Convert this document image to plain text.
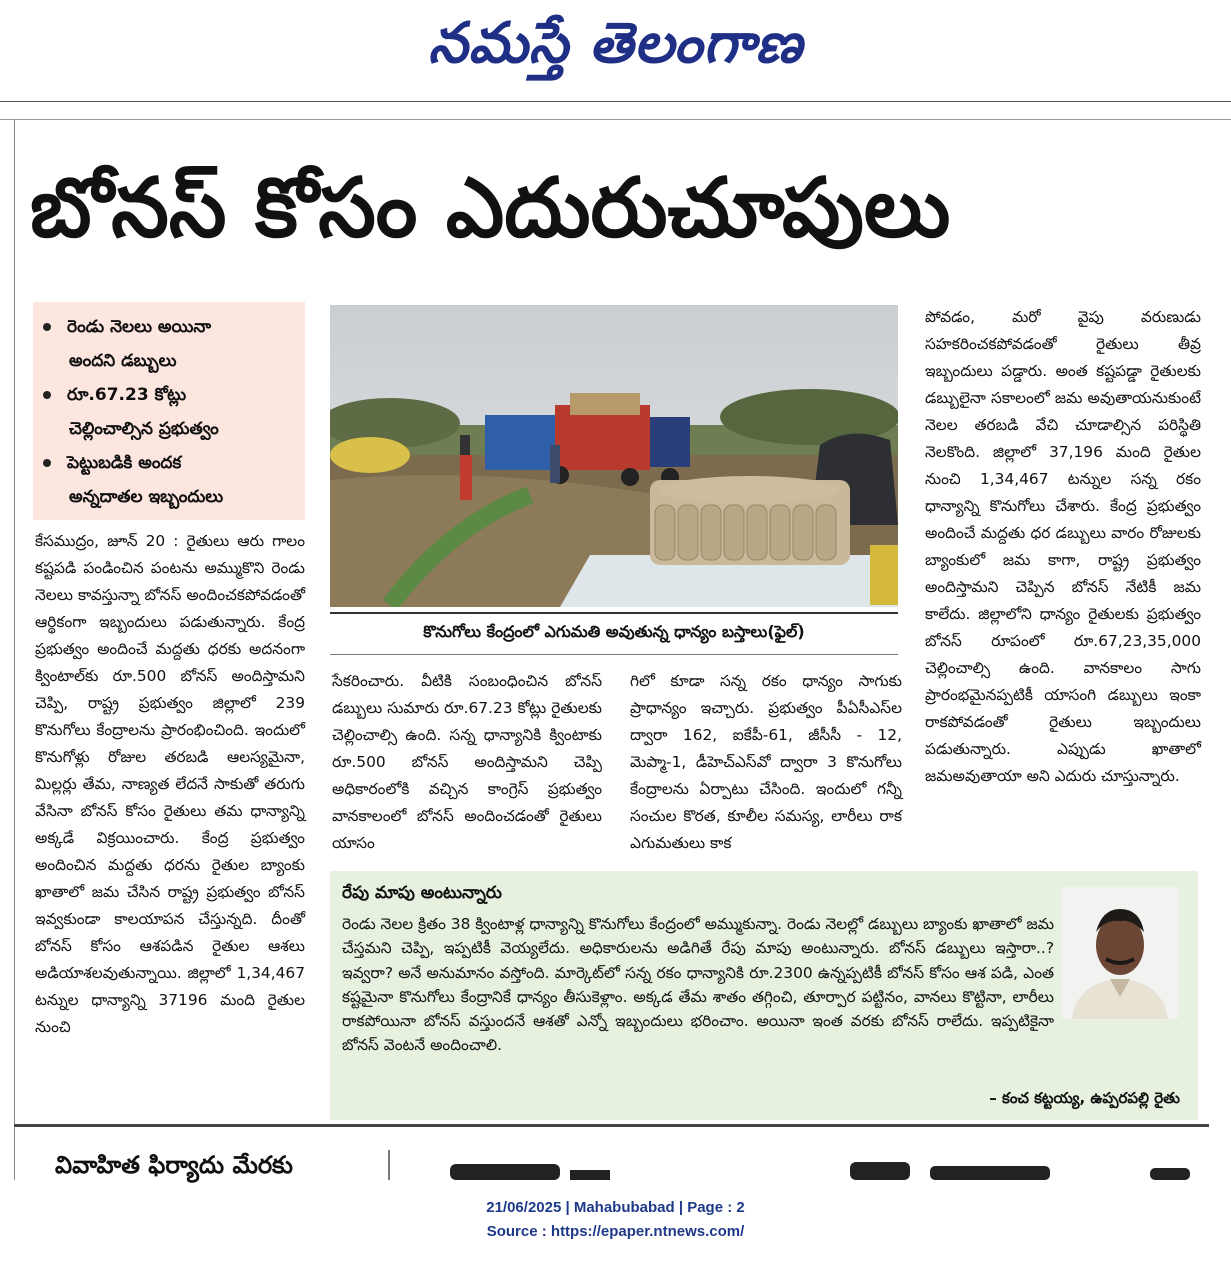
నమస్తే తెలంగాణ
బోనస్‌ కోసం ఎదురుచూపులు
రెండు నెలలు అయినా
అందని డబ్బులు
రూ.67.23 కోట్లు
చెల్లించాల్సిన ప్రభుత్వం
పెట్టుబడికి అందక
అన్నదాతల ఇబ్బందులు
కేసముద్రం, జూన్‌ 20 : రైతులు ఆరు గాలం కష్టపడి పండించిన పంటను అమ్ముకొని రెండు నెలలు కావస్తున్నా బోనస్‌ అందించకపోవడంతో ఆర్థికంగా ఇబ్బందులు పడుతున్నారు. కేంద్ర ప్రభుత్వం అందించే మద్దతు ధరకు అదనంగా క్వింటాల్‌కు రూ.500 బోనస్‌ అందిస్తామని చెప్పి, రాష్ట్ర ప్రభుత్వం జిల్లాలో 239 కొనుగోలు కేంద్రాలను ప్రారంభించింది. ఇందులో కొనుగోళ్లు రోజుల తరబడి ఆలస్యమైనా, మిల్లర్లు తేమ, నాణ్యత లేదనే సాకుతో తరుగు వేసినా బోనస్‌ కోసం రైతులు తమ ధాన్యాన్ని అక్కడే విక్రయించారు. కేంద్ర ప్రభుత్వం అందించిన మద్దతు ధరను రైతుల బ్యాంకు ఖాతాలో జమ చేసిన రాష్ట్ర ప్రభుత్వం బోనస్‌ ఇవ్వకుండా కాలయాపన చేస్తున్నది. దీంతో బోనస్‌ కోసం ఆశపడిన రైతుల ఆశలు అడియాశలవుతున్నాయి. జిల్లాలో 1,34,467 టన్నుల ధాన్యాన్ని 37196 మంది రైతుల నుంచి
సేకరించారు. వీటికి సంబంధించిన బోనస్‌ డబ్బులు సుమారు రూ.67.23 కోట్లు రైతులకు చెల్లించాల్సి ఉంది. సన్న ధాన్యానికి క్వింటాకు రూ.500 బోనస్‌ అందిస్తామని చెప్పి అధికారంలోకి వచ్చిన కాంగ్రెస్‌ ప్రభుత్వం వానకాలంలో బోనస్‌ అందించడంతో రైతులు యాసం
గిలో కూడా సన్న రకం ధాన్యం సాగుకు ప్రాధాన్యం ఇచ్చారు. ప్రభుత్వం పీఏసీఎస్‌ల ద్వారా 162, ఐకేపీ-61, జీసీసీ - 12, మెప్మా-1, డీహెచ్‌ఎస్‌వో ద్వారా 3 కొనుగోలు కేంద్రాలను ఏర్పాటు చేసింది. ఇందులో గన్నీ సంచుల కొరత, కూలీల సమస్య, లారీలు రాక ఎగుమతులు కాక
పోవడం, మరో వైపు వరుణుడు సహకరించకపోవడంతో రైతులు తీవ్ర ఇబ్బందులు పడ్డారు. అంత కష్టపడ్డా రైతులకు డబ్బులైనా సకాలంలో జమ అవుతాయనుకుంటే నెలల తరబడి వేచి చూడాల్సిన పరిస్థితి నెలకొంది. జిల్లాలో 37,196 మంది రైతుల నుంచి 1,34,467 టన్నుల సన్న రకం ధాన్యాన్ని కొనుగోలు చేశారు. కేంద్ర ప్రభుత్వం అందించే మద్దతు ధర డబ్బులు వారం రోజులకు బ్యాంకులో జమ కాగా, రాష్ట్ర ప్రభుత్వం అందిస్తామని చెప్పిన బోనస్‌ నేటికీ జమ కాలేదు. జిల్లాలోని ధాన్యం రైతులకు ప్రభుత్వం బోనస్‌ రూపంలో రూ.67,23,35,000 చెల్లించాల్సి ఉంది. వానకాలం సాగు ప్రారంభమైనప్పటికీ యాసంగి డబ్బులు ఇంకా రాకపోవడంతో రైతులు ఇబ్బందులు పడుతున్నారు. ఎప్పుడు ఖాతాలో జమఅవుతాయా అని ఎదురు చూస్తున్నారు.
కొనుగోలు కేంద్రంలో ఎగుమతి అవుతున్న ధాన్యం బస్తాలు(ఫైల్‌)
రేపు మాపు అంటున్నారు
రెండు నెలల క్రితం 38 క్వింటాళ్ల ధాన్యాన్ని కొనుగోలు కేంద్రంలో అమ్ముకున్నా. రెండు నెలల్లో డబ్బులు బ్యాంకు ఖాతాలో జమ చేస్తమని చెప్పి, ఇప్పటికీ వెయ్యలేదు. అధికారులను అడిగితే రేపు మాపు అంటున్నారు. బోనస్‌ డబ్బులు ఇస్తారా..? ఇవ్వరా? అనే అనుమానం వస్తోంది. మార్కెట్‌లో సన్న రకం ధాన్యానికి రూ.2300 ఉన్నప్పటికీ బోనస్‌ కోసం ఆశ పడి, ఎంత కష్టమైనా కొనుగోలు కేంద్రానికే ధాన్యం తీసుకెళ్లాం. అక్కడ తేమ శాతం తగ్గించి, తూర్పార పట్టినం, వానలు కొట్టినా, లారీలు రాకపోయినా బోనస్‌ వస్తుందనే ఆశతో ఎన్నో ఇబ్బందులు భరించాం. అయినా ఇంత వరకు బోనస్‌ రాలేదు. ఇప్పటికైనా బోనస్‌ వెంటనే అందించాలి.
– కంచ కట్టయ్య, ఉప్పరపల్లి రైతు
వివాహిత ఫిర్యాదు మేరకు
21/06/2025 | Mahabubabad | Page : 2
Source : https://epaper.ntnews.com/
